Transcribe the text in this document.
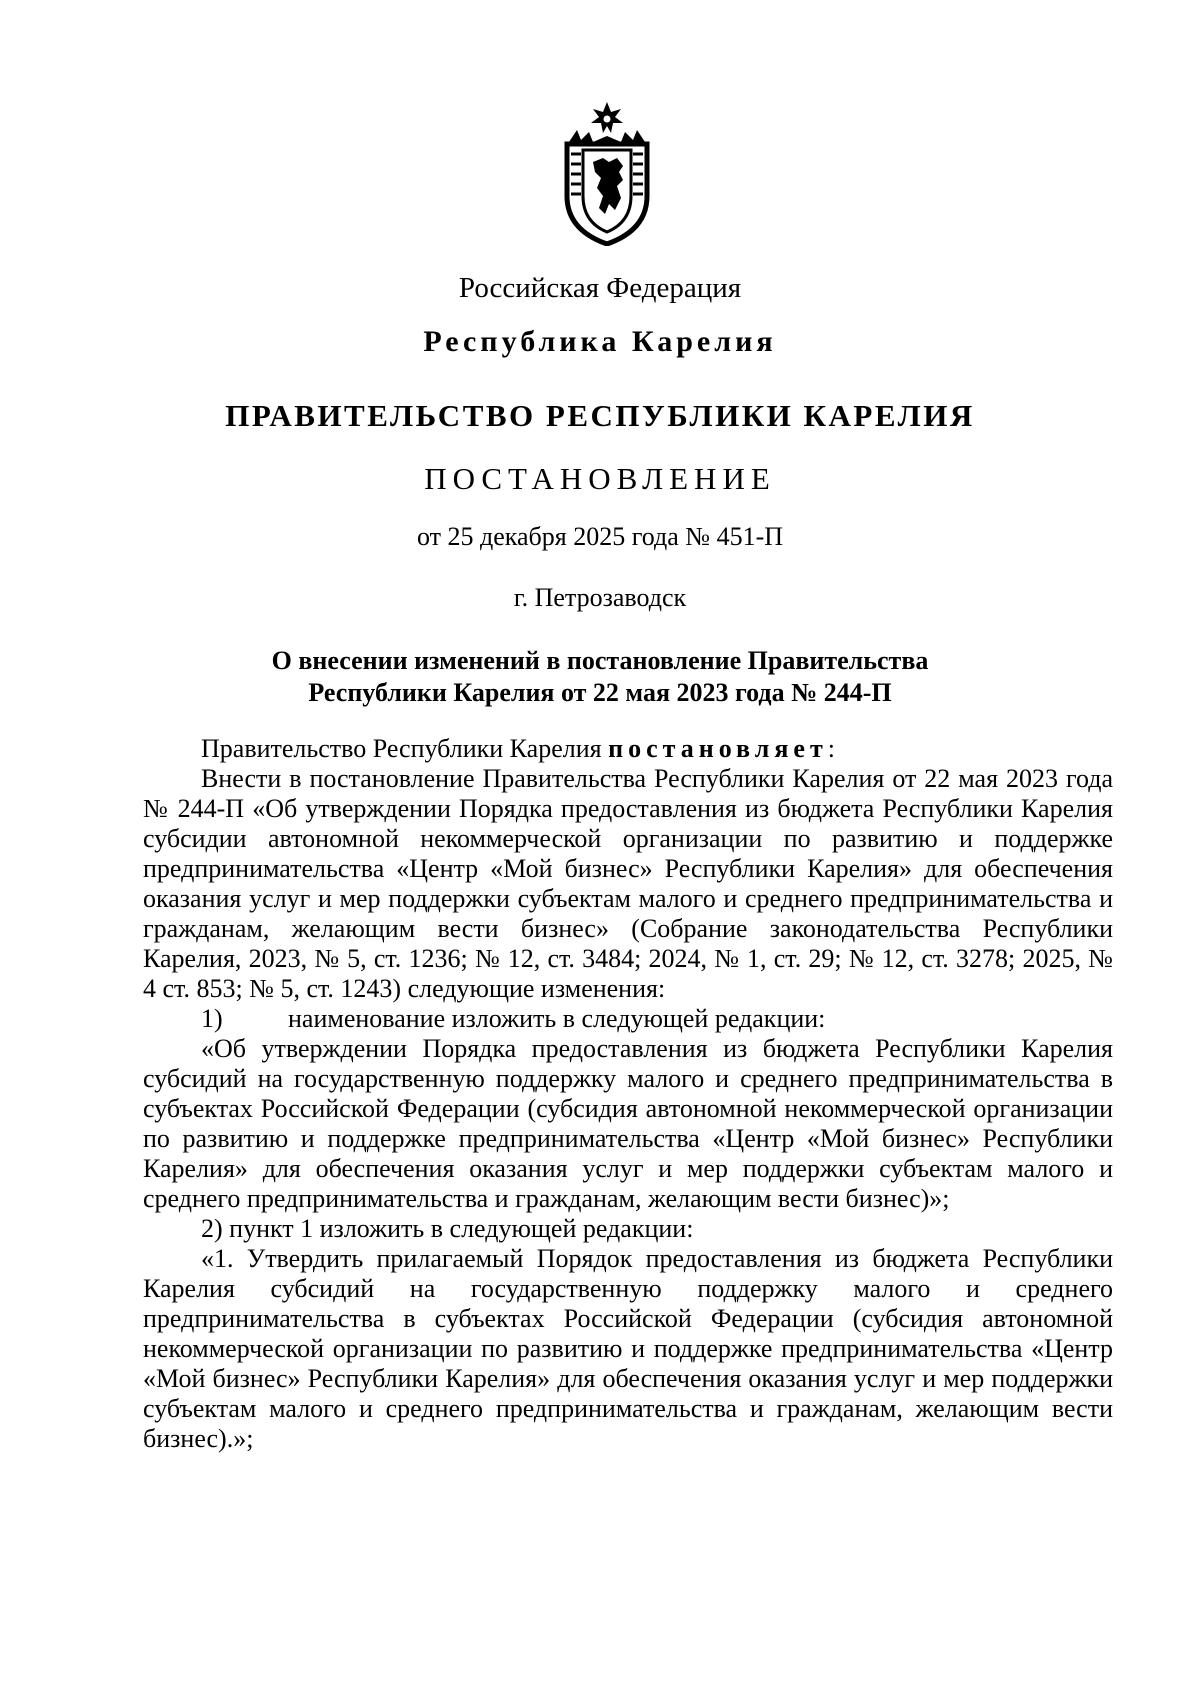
Российская Федерация
Республика Карелия
ПРАВИТЕЛЬСТВО РЕСПУБЛИКИ КАРЕЛИЯ
ПОСТАНОВЛЕНИЕ
от 25 декабря 2025 года № 451-П
г. Петрозаводск
О внесении изменений в постановление Правительства
Республики Карелия от 22 мая 2023 года № 244-П

Правительство Республики Карелия постановляет:

Внести в постановление Правительства Республики Карелия от 22 мая 2023 года № 244-П «Об утверждении Порядка предоставления из бюджета Республики Карелия субсидии автономной некоммерческой организации по развитию и поддержке предпринимательства «Центр «Мой бизнес» Республики Карелия» для обеспечения оказания услуг и мер поддержки субъектам малого и среднего предпринимательства и гражданам, желающим вести бизнес» (Собрание законодательства Республики Карелия, 2023, № 5, ст. 1236; № 12, ст. 3484; 2024, № 1, ст. 29; № 12, ст. 3278; 2025, № 4 ст. 853; № 5, ст. 1243) следующие изменения:

1)	наименование изложить в следующей редакции:

«Об утверждении Порядка предоставления из бюджета Республики Карелия субсидий на государственную поддержку малого и среднего предпринимательства в субъектах Российской Федерации (субсидия автономной некоммерческой организации по развитию и поддержке предпринимательства «Центр «Мой бизнес» Республики Карелия» для обеспечения оказания услуг и мер поддержки субъектам малого и среднего предпринимательства и гражданам, желающим вести бизнес)»;

2) пункт 1 изложить в следующей редакции:

«1. Утвердить прилагаемый Порядок предоставления из бюджета Республики Карелия субсидий на государственную поддержку малого и среднего предпринимательства в субъектах Российской Федерации (субсидия автономной некоммерческой организации по развитию и поддержке предпринимательства «Центр «Мой бизнес» Республики Карелия» для обеспечения оказания услуг и мер поддержки субъектам малого и среднего предпринимательства и гражданам, желающим вести бизнес).»;
